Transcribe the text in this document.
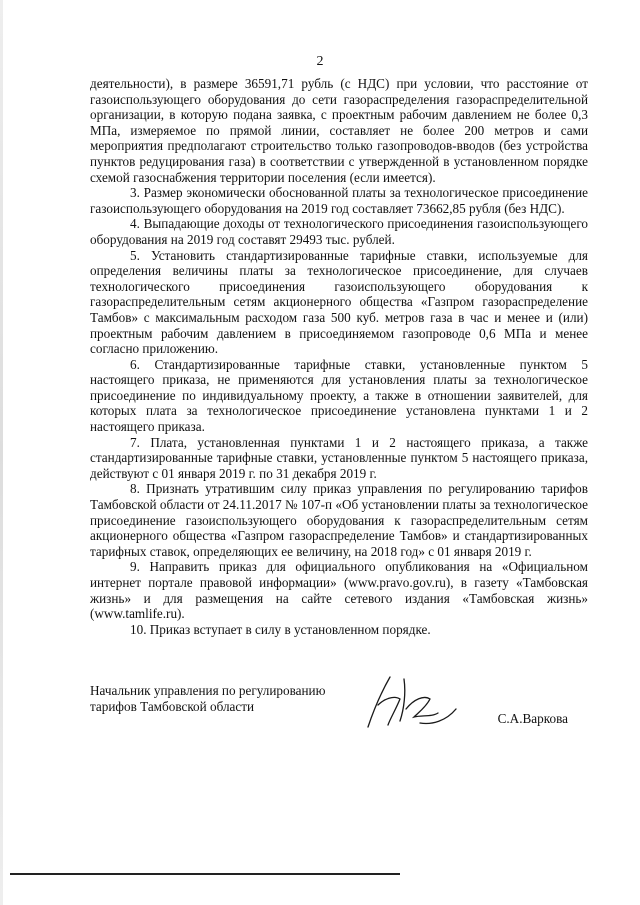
2

деятельности), в размере 36591,71 рубль (с НДС) при условии, что расстояние от газоиспользующего оборудования до сети газораспределения газораспределительной организации, в которую подана заявка, с проектным рабочим давлением не более 0,3 МПа, измеряемое по прямой линии, составляет не более 200 метров и сами мероприятия предполагают строительство только газопроводов-вводов (без устройства пунктов редуцирования газа) в соответствии с утвержденной в установленном порядке схемой газоснабжения территории поселения (если имеется).

3. Размер экономически обоснованной платы за технологическое присоединение газоиспользующего оборудования на 2019 год составляет 73662,85 рубля (без НДС).

4. Выпадающие доходы от технологического присоединения газоиспользующего оборудования на 2019 год составят 29493 тыс. рублей.

5. Установить стандартизированные тарифные ставки, используемые для определения величины платы за технологическое присоединение, для случаев технологического присоединения газоиспользующего оборудования к газораспределительным сетям акционерного общества «Газпром газораспределение Тамбов» с максимальным расходом газа 500 куб. метров газа в час и менее и (или) проектным рабочим давлением в присоединяемом газопроводе 0,6 МПа и менее согласно приложению.

6. Стандартизированные тарифные ставки, установленные пунктом 5 настоящего приказа, не применяются для установления платы за технологическое присоединение по индивидуальному проекту, а также в отношении заявителей, для которых плата за технологическое присоединение установлена пунктами 1 и 2 настоящего приказа.

7. Плата, установленная пунктами 1 и 2 настоящего приказа, а также стандартизированные тарифные ставки, установленные пунктом 5 настоящего приказа, действуют с 01 января 2019 г. по 31 декабря 2019 г.

8. Признать утратившим силу приказ управления по регулированию тарифов Тамбовской области от 24.11.2017 № 107-п «Об установлении платы за технологическое присоединение газоиспользующего оборудования к газораспределительным сетям акционерного общества «Газпром газораспределение Тамбов» и стандартизированных тарифных ставок, определяющих ее величину, на 2018 год» с 01 января 2019 г.

9. Направить приказ для официального опубликования на «Официальном интернет портале правовой информации» (www.pravo.gov.ru), в газету «Тамбовская жизнь» и для размещения на сайте сетевого издания «Тамбовская жизнь» (www.tamlife.ru).

10. Приказ вступает в силу в установленном порядке.

Начальник управления по регулированию
тарифов Тамбовской области
С.А.Варкова
